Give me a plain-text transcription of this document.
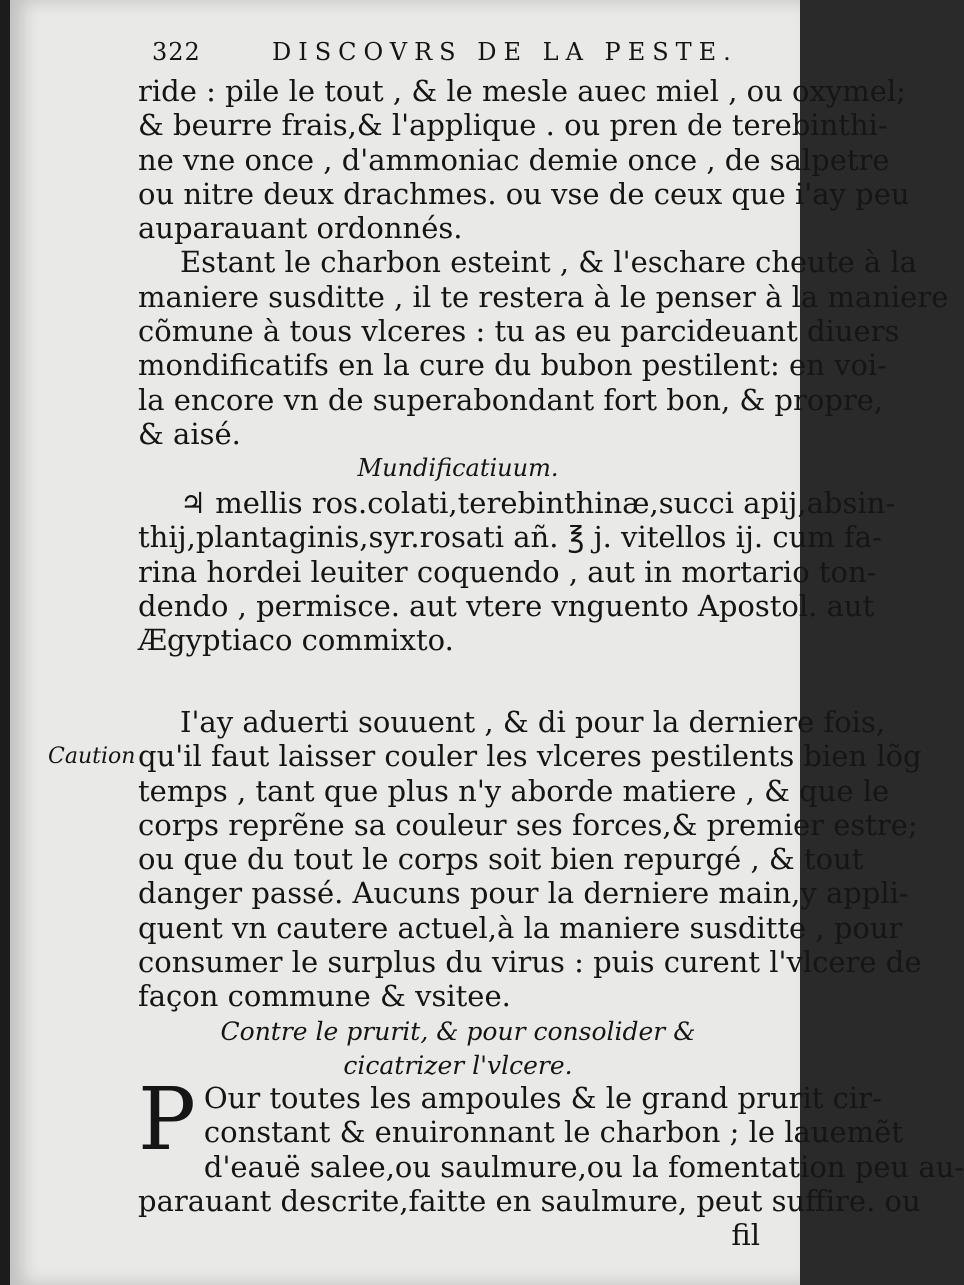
322	DISCOVRS DE LA PESTE.
ride : pile le tout , & le mesle auec miel , ou oxymel;
& beurre frais,& l'applique . ou pren de terebinthi-
ne vne once , d'ammoniac demie once , de salpetre
ou nitre deux drachmes. ou vse de ceux que i'ay peu
auparauant ordonnés.
Estant le charbon esteint , & l'eschare cheute à la
maniere susditte , il te restera à le penser à la maniere
cõmune à tous vlceres : tu as eu parcideuant diuers
mondificatifs en la cure du bubon pestilent: en voi-
la encore vn de superabondant fort bon, & propre,
& aisé.
Mundificatiuum.
♃ mellis ros.colati,terebinthinæ,succi apij,absin-
thij,plantaginis,syr.rosati añ. ℥ j. vitellos ij. cum fa-
rina hordei leuiter coquendo , aut in mortario ton-
dendo , permisce. aut vtere vnguento Apostol. aut
Ægyptiaco commixto.
I'ay aduerti souuent , & di pour la derniere fois,
qu'il faut laisser couler les vlceres pestilents bien lõg
temps , tant que plus n'y aborde matiere , & que le
corps reprẽne sa couleur ses forces,& premier estre;
ou que du tout le corps soit bien repurgé , & tout
danger passé. Aucuns pour la derniere main,y appli-
quent vn cautere actuel,à la maniere susditte , pour
consumer le surplus du virus : puis curent l'vlcere de
façon commune & vsitee.
Caution
Contre le prurit, & pour consolider &
cicatrizer l'vlcere.
P Our toutes les ampoules & le grand prurit cir-
constant & enuironnant le charbon ; le lauemẽt
d'eauë salee,ou saulmure,ou la fomentation peu au-
parauant descrite,faitte en saulmure, peut suffire. ou
fil
